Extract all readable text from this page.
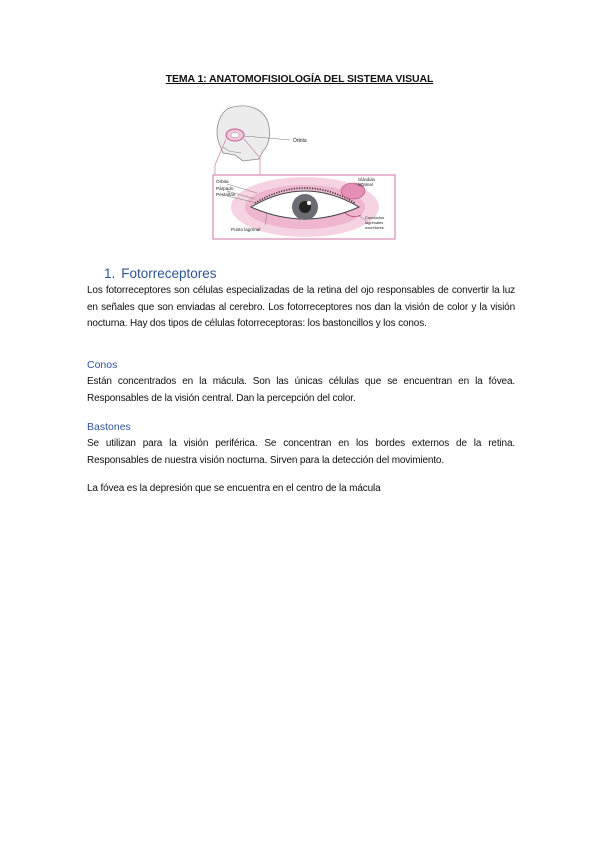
TEMA 1: ANATOMOFISIOLOGÍA DEL SISTEMA VISUAL
Órbita
Órbita
Párpado
Pestañas
Glándula lagrimal
Punto lagrimal
Conductos lagrimales excretores
1. Fotorreceptores
Los fotorreceptores son células especializadas de la retina del ojo responsables de convertir la luz en señales que son enviadas al cerebro. Los fotorreceptores nos dan la visión de color y la visión nocturna. Hay dos tipos de células fotorreceptoras: los bastoncillos y los conos.
Conos
Están concentrados en la mácula. Son las únicas células que se encuentran en la fóvea. Responsables de la visión central. Dan la percepción del color.
Bastones
Se utilizan para la visión periférica. Se concentran en los bordes externos de la retina. Responsables de nuestra visión nocturna. Sirven para la detección del movimiento.
La fóvea es la depresión que se encuentra en el centro de la mácula
